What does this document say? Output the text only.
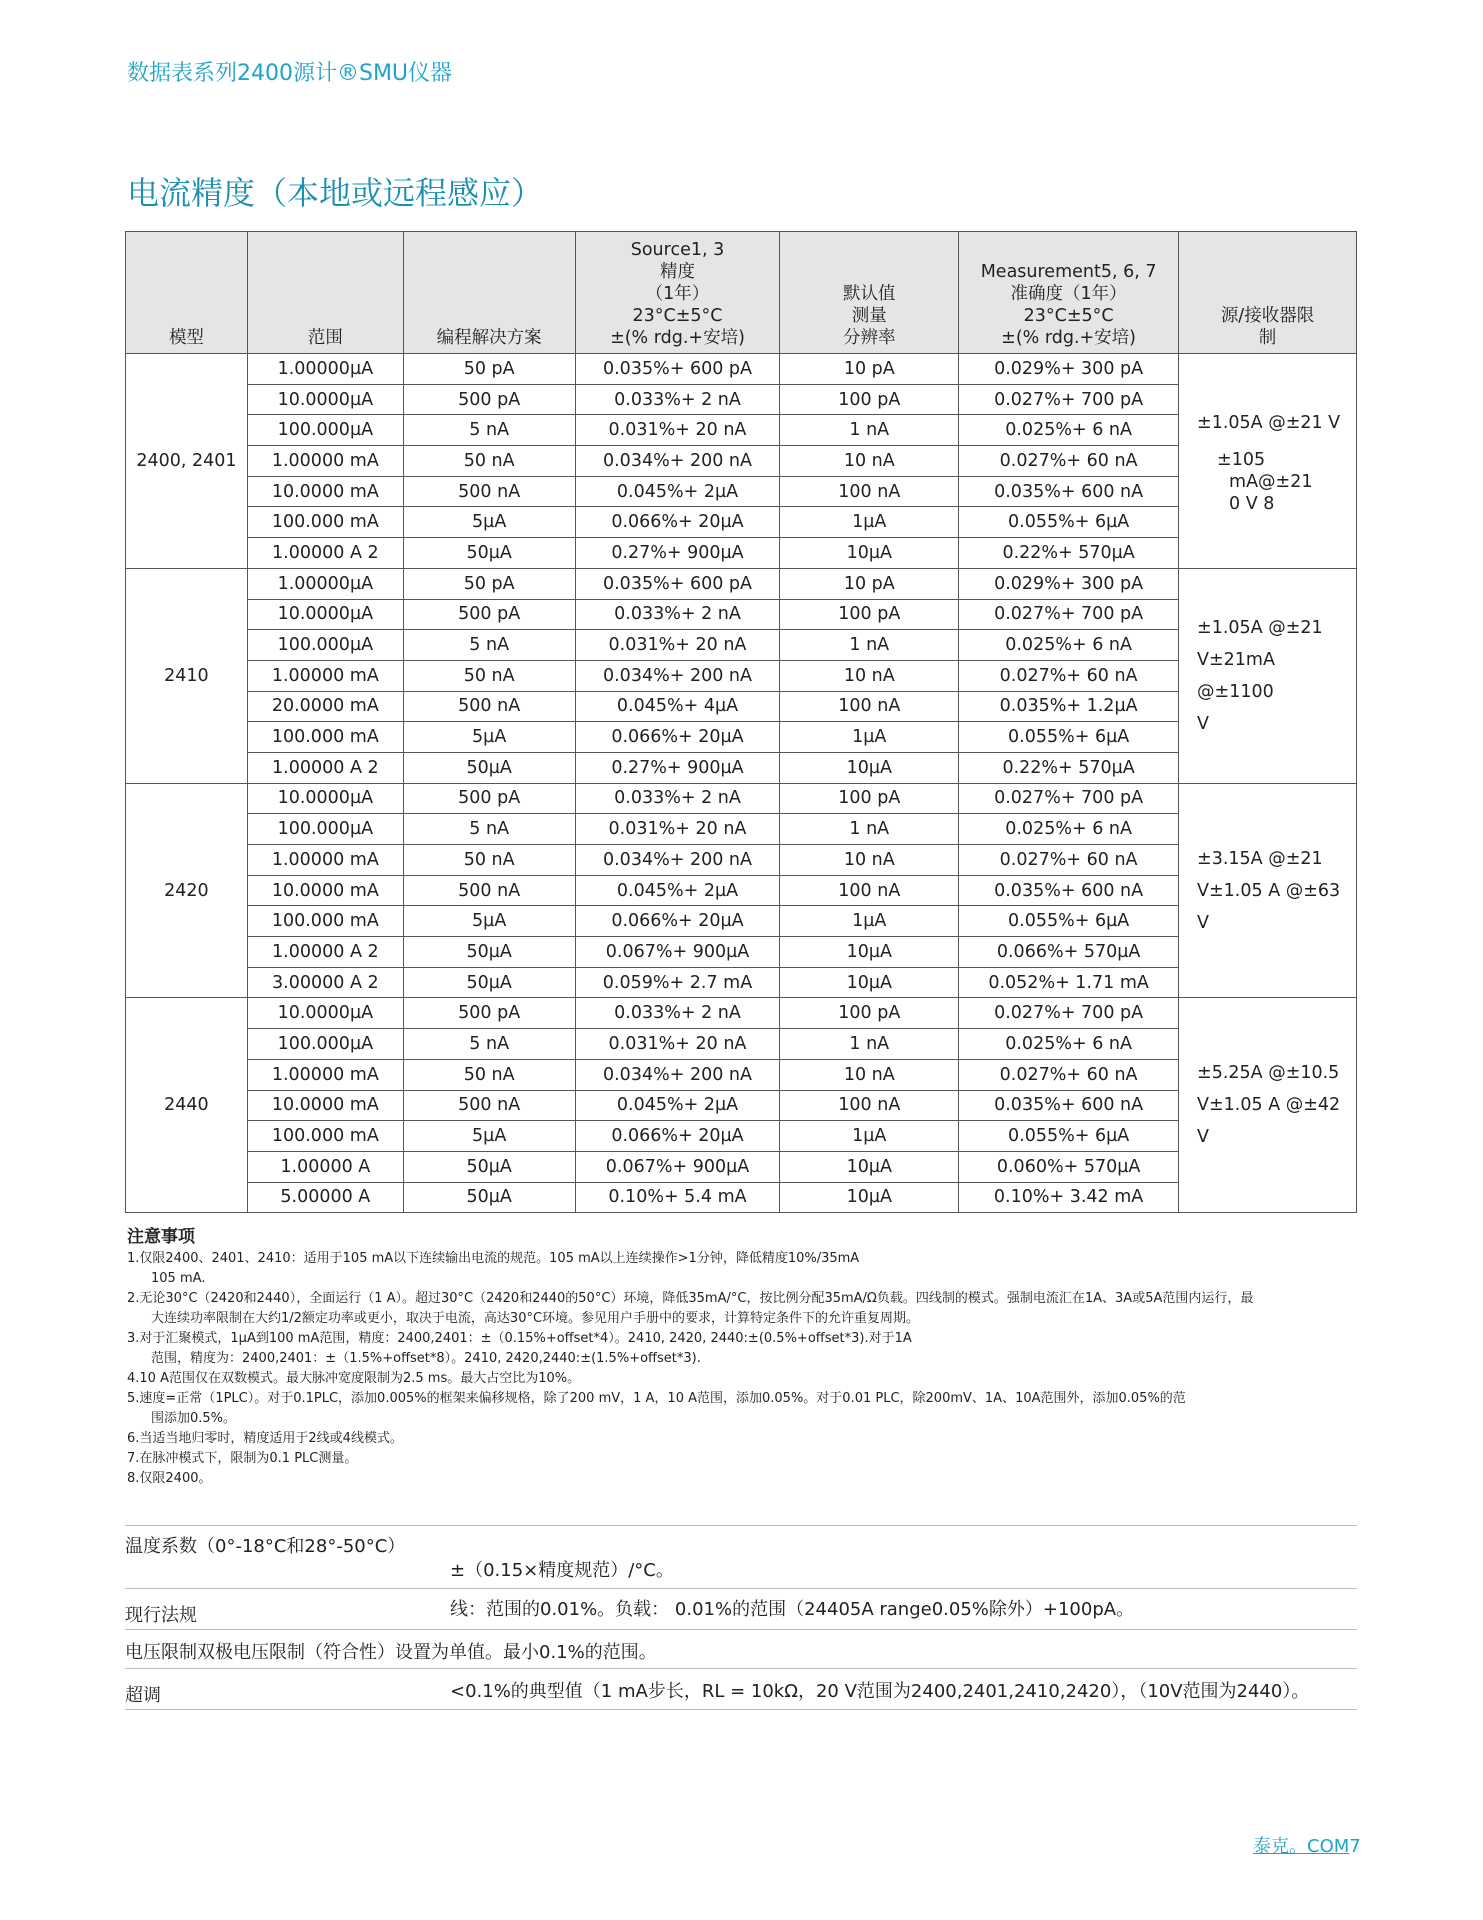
数据表系列2400源计®SMU仪器
电流精度（本地或远程感应）
模型	范围	编程解决方案	Source1, 3
精度
（1年）
23°C±5°C
±(% rdg.+安培)	默认值
测量
分辨率	Measurement5, 6, 7
准确度（1年）
23°C±5°C
±(% rdg.+安培)	源/接收器限
制

2400, 2401	1.00000µA	50 pA	0.035%+ 600 pA	10 pA	0.029%+ 300 pA	±1.05A @±21 V
±105
mA@±21
0 V 8

	10.0000µA	500 pA	0.033%+ 2 nA	100 pA	0.027%+ 700 pA	
	100.000µA	5 nA	0.031%+ 20 nA	1 nA	0.025%+ 6 nA	
	1.00000 mA	50 nA	0.034%+ 200 nA	10 nA	0.027%+ 60 nA	
	10.0000 mA	500 nA	0.045%+ 2µA	100 nA	0.035%+ 600 nA	
	100.000 mA	5µA	0.066%+ 20µA	1µA	0.055%+ 6µA	
	1.00000 A 2	50µA	0.27%+ 900µA	10µA	0.22%+ 570µA	
2410	1.00000µA	50 pA	0.035%+ 600 pA	10 pA	0.029%+ 300 pA	±1.05A @±21
V±21mA @±1100
V

	10.0000µA	500 pA	0.033%+ 2 nA	100 pA	0.027%+ 700 pA	
	100.000µA	5 nA	0.031%+ 20 nA	1 nA	0.025%+ 6 nA	
	1.00000 mA	50 nA	0.034%+ 200 nA	10 nA	0.027%+ 60 nA	
	20.0000 mA	500 nA	0.045%+ 4µA	100 nA	0.035%+ 1.2µA	
	100.000 mA	5µA	0.066%+ 20µA	1µA	0.055%+ 6µA	
	1.00000 A 2	50µA	0.27%+ 900µA	10µA	0.22%+ 570µA	
2420	10.0000µA	500 pA	0.033%+ 2 nA	100 pA	0.027%+ 700 pA	±3.15A @±21
V±1.05 A @±63
V

	100.000µA	5 nA	0.031%+ 20 nA	1 nA	0.025%+ 6 nA	
	1.00000 mA	50 nA	0.034%+ 200 nA	10 nA	0.027%+ 60 nA	
	10.0000 mA	500 nA	0.045%+ 2µA	100 nA	0.035%+ 600 nA	
	100.000 mA	5µA	0.066%+ 20µA	1µA	0.055%+ 6µA	
	1.00000 A 2	50µA	0.067%+ 900µA	10µA	0.066%+ 570µA	
	3.00000 A 2	50µA	0.059%+ 2.7 mA	10µA	0.052%+ 1.71 mA	
2440	10.0000µA	500 pA	0.033%+ 2 nA	100 pA	0.027%+ 700 pA	±5.25A @±10.5
V±1.05 A @±42
V

	100.000µA	5 nA	0.031%+ 20 nA	1 nA	0.025%+ 6 nA	
	1.00000 mA	50 nA	0.034%+ 200 nA	10 nA	0.027%+ 60 nA	
	10.0000 mA	500 nA	0.045%+ 2µA	100 nA	0.035%+ 600 nA	
	100.000 mA	5µA	0.066%+ 20µA	1µA	0.055%+ 6µA	
	1.00000 A	50µA	0.067%+ 900µA	10µA	0.060%+ 570µA	
	5.00000 A	50µA	0.10%+ 5.4 mA	10µA	0.10%+ 3.42 mA	
注意事项
1.仅限2400、2401、2410：适用于105 mA以下连续输出电流的规范。105 mA以上连续操作>1分钟，降低精度10%/35mA
105 mA.
2.无论30°C（2420和2440），全面运行（1 A）。超过30°C（2420和2440的50°C）环境，降低35mA/°C，按比例分配35mA/Ω负载。四线制的模式。强制电流汇在1A、3A或5A范围内运行，最
大连续功率限制在大约1/2额定功率或更小，取决于电流，高达30°C环境。参见用户手册中的要求，计算特定条件下的允许重复周期。
3.对于汇聚模式，1µA到100 mA范围，精度：2400,2401：±（0.15%+offset*4）。2410, 2420, 2440:±(0.5%+offset*3).对于1A
范围，精度为：2400,2401：±（1.5%+offset*8）。2410, 2420,2440:±(1.5%+offset*3).
4.10 A范围仅在双数模式。最大脉冲宽度限制为2.5 ms。最大占空比为10%。
5.速度=正常（1PLC）。对于0.1PLC，添加0.005%的框架来偏移规格，除了200 mV，1 A，10 A范围，添加0.05%。对于0.01 PLC，除200mV、1A、10A范围外，添加0.05%的范
围添加0.5%。
6.当适当地归零时，精度适用于2线或4线模式。
7.在脉冲模式下，限制为0.1 PLC测量。
8.仅限2400。
温度系数（0°-18°C和28°-50°C）
±（0.15×精度规范）/°C。
现行法规	线：范围的0.01%。负载： 0.01%的范围（24405A range0.05%除外）+100pA。
电压限制双极电压限制（符合性）设置为单值。最小0.1%的范围。
超调	<0.1%的典型值（1 mA步长，RL = 10kΩ，20 V范围为2400,2401,2410,2420），（10V范围为2440）。
泰克。COM7
